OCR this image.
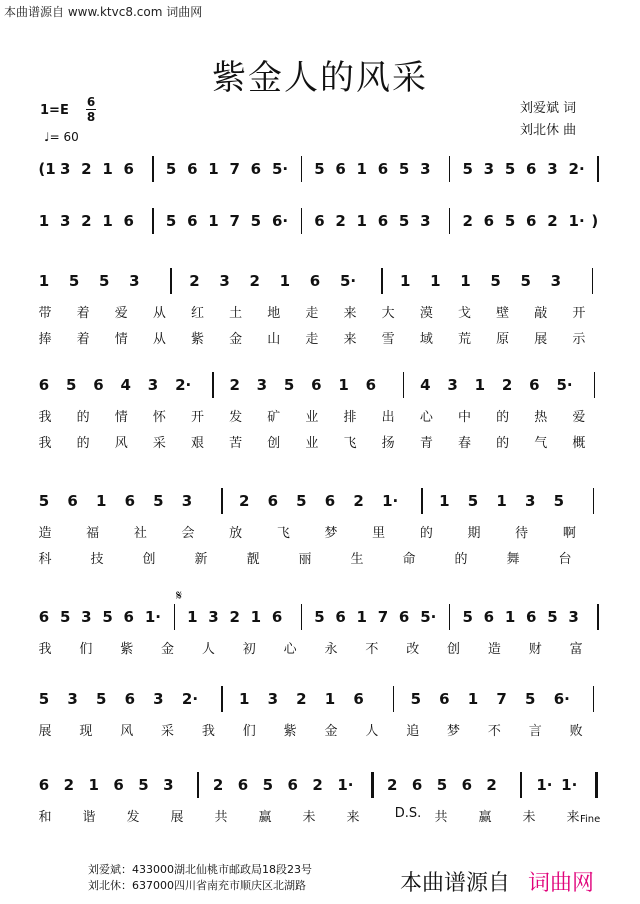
本曲谱源自 www.ktvc8.com 词曲网
紫金人的风采
1=E
6
8
♩= 60
刘爱斌 词
刘北休 曲
(1 3 2 1 6 5 6 1 7 6 5· 5 6 1 6 5 3 5 3 5 6 3 2·
1 3 2 1 6 5 6 1 7 5 6· 6 2 1 6 5 3 2 6 5 6 2 1· )
1 5 5 3	2 3 2 1 6 5·	1 1 1 5 5 3
带 着 爱 从 红 土 地 走 来 大 漠 戈 壁 敲 开
捧 着 情 从 紫 金 山 走 来 雪 域 荒 原 展 示
6 5 6 4 3 2·	2 3 5 6 1 6	4 3 1 2 6 5·
我 的 情 怀 开 发 矿 业 排 出 心 中 的 热 爱
我 的 风 采 艰 苦 创 业 飞 扬 青 春 的 气 概
5 6 1 6 5 3	2 6 5 6 2 1·	1 5 1 3 5
造	福	社	会	放	飞	梦	里	的	期	待	啊
科	技	创	新	靓	丽	生	命	的	舞	台
6 5 3 5 6 1· 1 3 2 1 6 5 6 1 7 6 5· 5 6 1 6 5 3
我 们 紫 金 人 初 心 永 不 改 创 造 财 富
5 3 5 6 3 2·	1 3 2 1 6	5 6 1 7 5 6·
展 现 风 采 我 们 紫 金 人 追 梦 不 言 败
6 2 1 6 5 3	2 6 5 6 2 1· 2 6 5 6 2	1· 1·
和 谐 发 展 共 赢 未 来	D.S.	共 赢 未 来 Fine
𝄋
刘爱斌：433000湖北仙桃市邮政局18段23号
刘北休：637000四川省南充市顺庆区北湖路	本曲谱源自 词曲网
